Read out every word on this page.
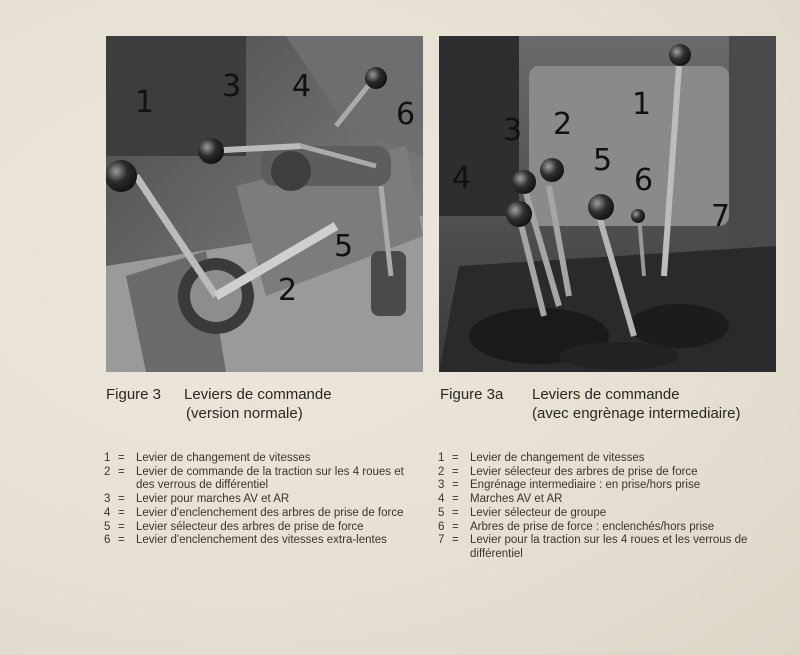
1 3 4
6
5
2
1
3 2
4
5
6
7
Figure 3 Leviers de commande
(version normale)
Figure 3a Leviers de commande
(avec engrènage intermediaire)
1 = Levier de changement de vitesses
2 = Levier de commande de la traction sur les 4 roues et des verrous de différentiel
3 = Levier pour marches AV et AR
4 = Levier d'enclenchement des arbres de prise de force
5 = Levier sélecteur des arbres de prise de force
6 = Levier d'enclenchement des vitesses extra-lentes
1 = Levier de changement de vitesses
2 = Levier sélecteur des arbres de prise de force
3 = Engrénage intermediaire : en prise/hors prise
4 = Marches AV et AR
5 = Levier sélecteur de groupe
6 = Arbres de prise de force : enclenchés/hors prise
7 = Levier pour la traction sur les 4 roues et les verrous de différentiel
